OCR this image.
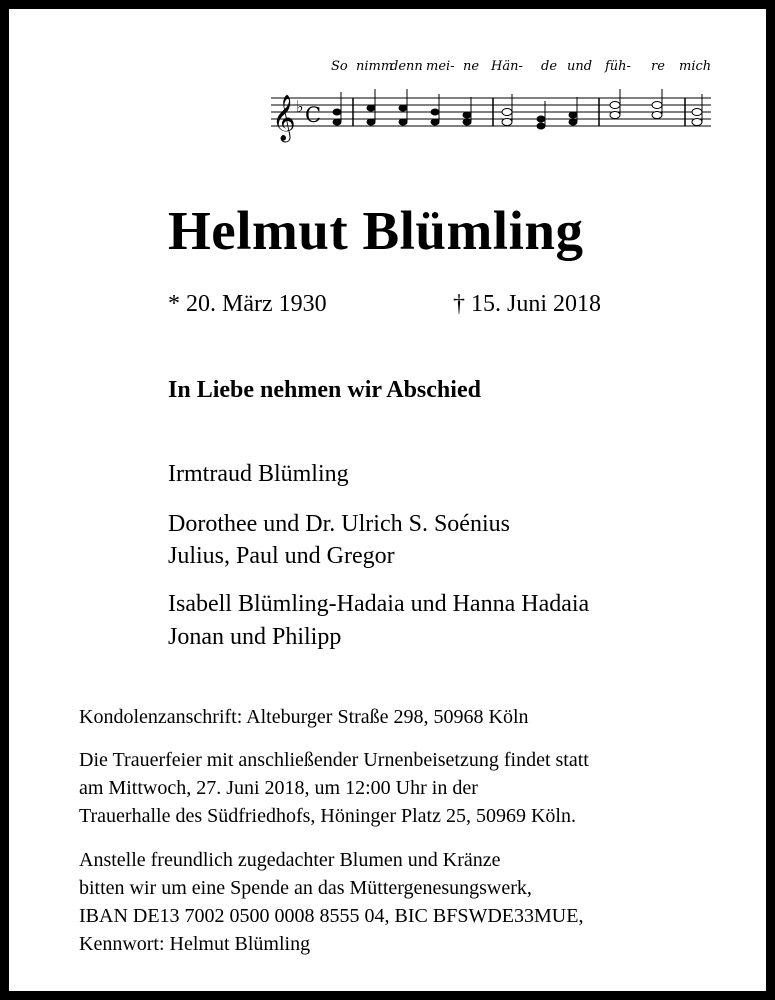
So nimm
denn mei- ne Hän- de und füh- re mich
𝄞 ♭ C
Helmut Blümling
* 20. März 1930	† 15. Juni 2018
In Liebe nehmen wir Abschied
Irmtraud Blümling
Dorothee und Dr. Ulrich S. Soénius
Julius, Paul und Gregor
Isabell Blümling-Hadaia und Hanna Hadaia
Jonan und Philipp
Kondolenzanschrift: Alteburger Straße 298, 50968 Köln
Die Trauerfeier mit anschließender Urnenbeisetzung findet statt
am Mittwoch, 27. Juni 2018, um 12:00 Uhr in der
Trauerhalle des Südfriedhofs, Höninger Platz 25, 50969 Köln.
Anstelle freundlich zugedachter Blumen und Kränze
bitten wir um eine Spende an das Müttergenesungswerk,
IBAN DE13 7002 0500 0008 8555 04, BIC BFSWDE33MUE,
Kennwort: Helmut Blümling
